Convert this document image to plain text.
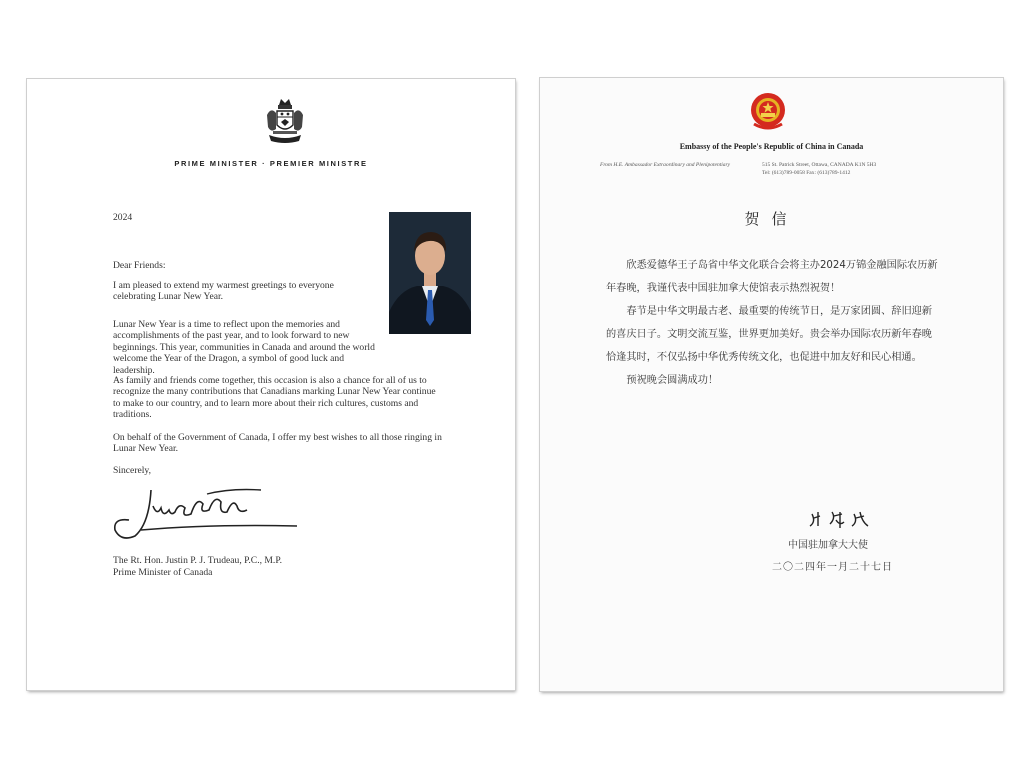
PRIME MINISTER · PREMIER MINISTRE
2024
Dear Friends:

I am pleased to extend my warmest greetings to everyone celebrating Lunar New Year.

Lunar New Year is a time to reflect upon the memories and accomplishments of the past year, and to look forward to new beginnings. This year, communities in Canada and around the world welcome the Year of the Dragon, a symbol of good luck and leadership.

As family and friends come together, this occasion is also a chance for all of us to recognize the many contributions that Canadians marking Lunar New Year continue to make to our country, and to learn more about their rich cultures, customs and traditions.

On behalf of the Government of Canada, I offer my best wishes to all those ringing in Lunar New Year.

Sincerely,
The Rt. Hon. Justin P. J. Trudeau, P.C., M.P.
Prime Minister of Canada
Embassy of the People's Republic of China in Canada
From H.E. Ambassador Extraordinary and Plenipotentiary	515 St. Patrick Street, Ottawa, CANADA K1N 5H3
Tel: (613)789-0058 Fax: (613)789-1412
贺信

欣悉爱德华王子岛省中华文化联合会将主办2024万锦金融国际农历新年春晚，我谨代表中国驻加拿大使馆表示热烈祝贺！

春节是中华文明最古老、最重要的传统节日，是万家团圆、辞旧迎新的喜庆日子。文明交流互鉴，世界更加美好。贵会举办国际农历新年春晚恰逢其时，不仅弘扬中华优秀传统文化，也促进中加友好和民心相通。

预祝晚会圆满成功！

中国驻加拿大大使
二〇二四年一月二十七日
